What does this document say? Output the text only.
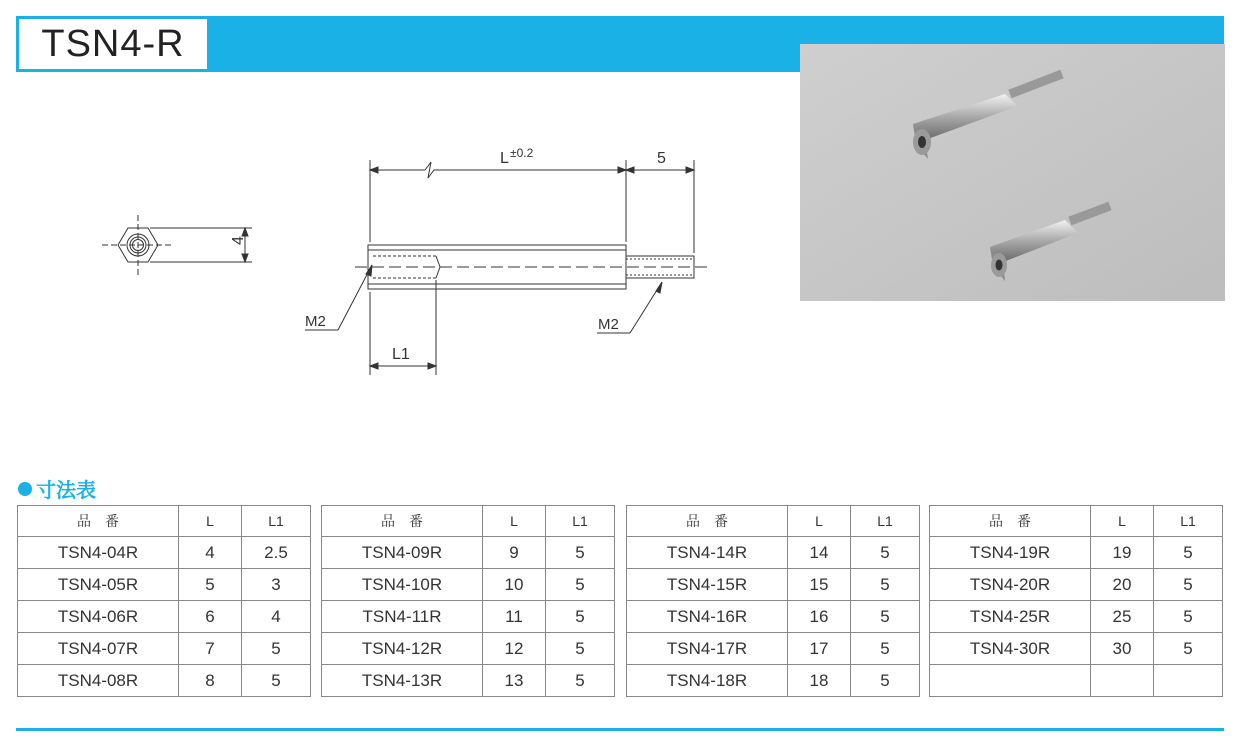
TSN4-R
L ±0.2	5
4
L1
M2	M2
寸法表
品　番	L	L1
TSN4-04R	4	2.5
TSN4-05R	5	3
TSN4-06R	6	4
TSN4-07R	7	5
TSN4-08R	8	5
品　番	L	L1
TSN4-09R	9	5
TSN4-10R	10	5
TSN4-11R	11	5
TSN4-12R	12	5
TSN4-13R	13	5
品　番	L	L1
TSN4-14R	14	5
TSN4-15R	15	5
TSN4-16R	16	5
TSN4-17R	17	5
TSN4-18R	18	5
品　番	L	L1
TSN4-19R	19	5
TSN4-20R	20	5
TSN4-25R	25	5
TSN4-30R	30	5
